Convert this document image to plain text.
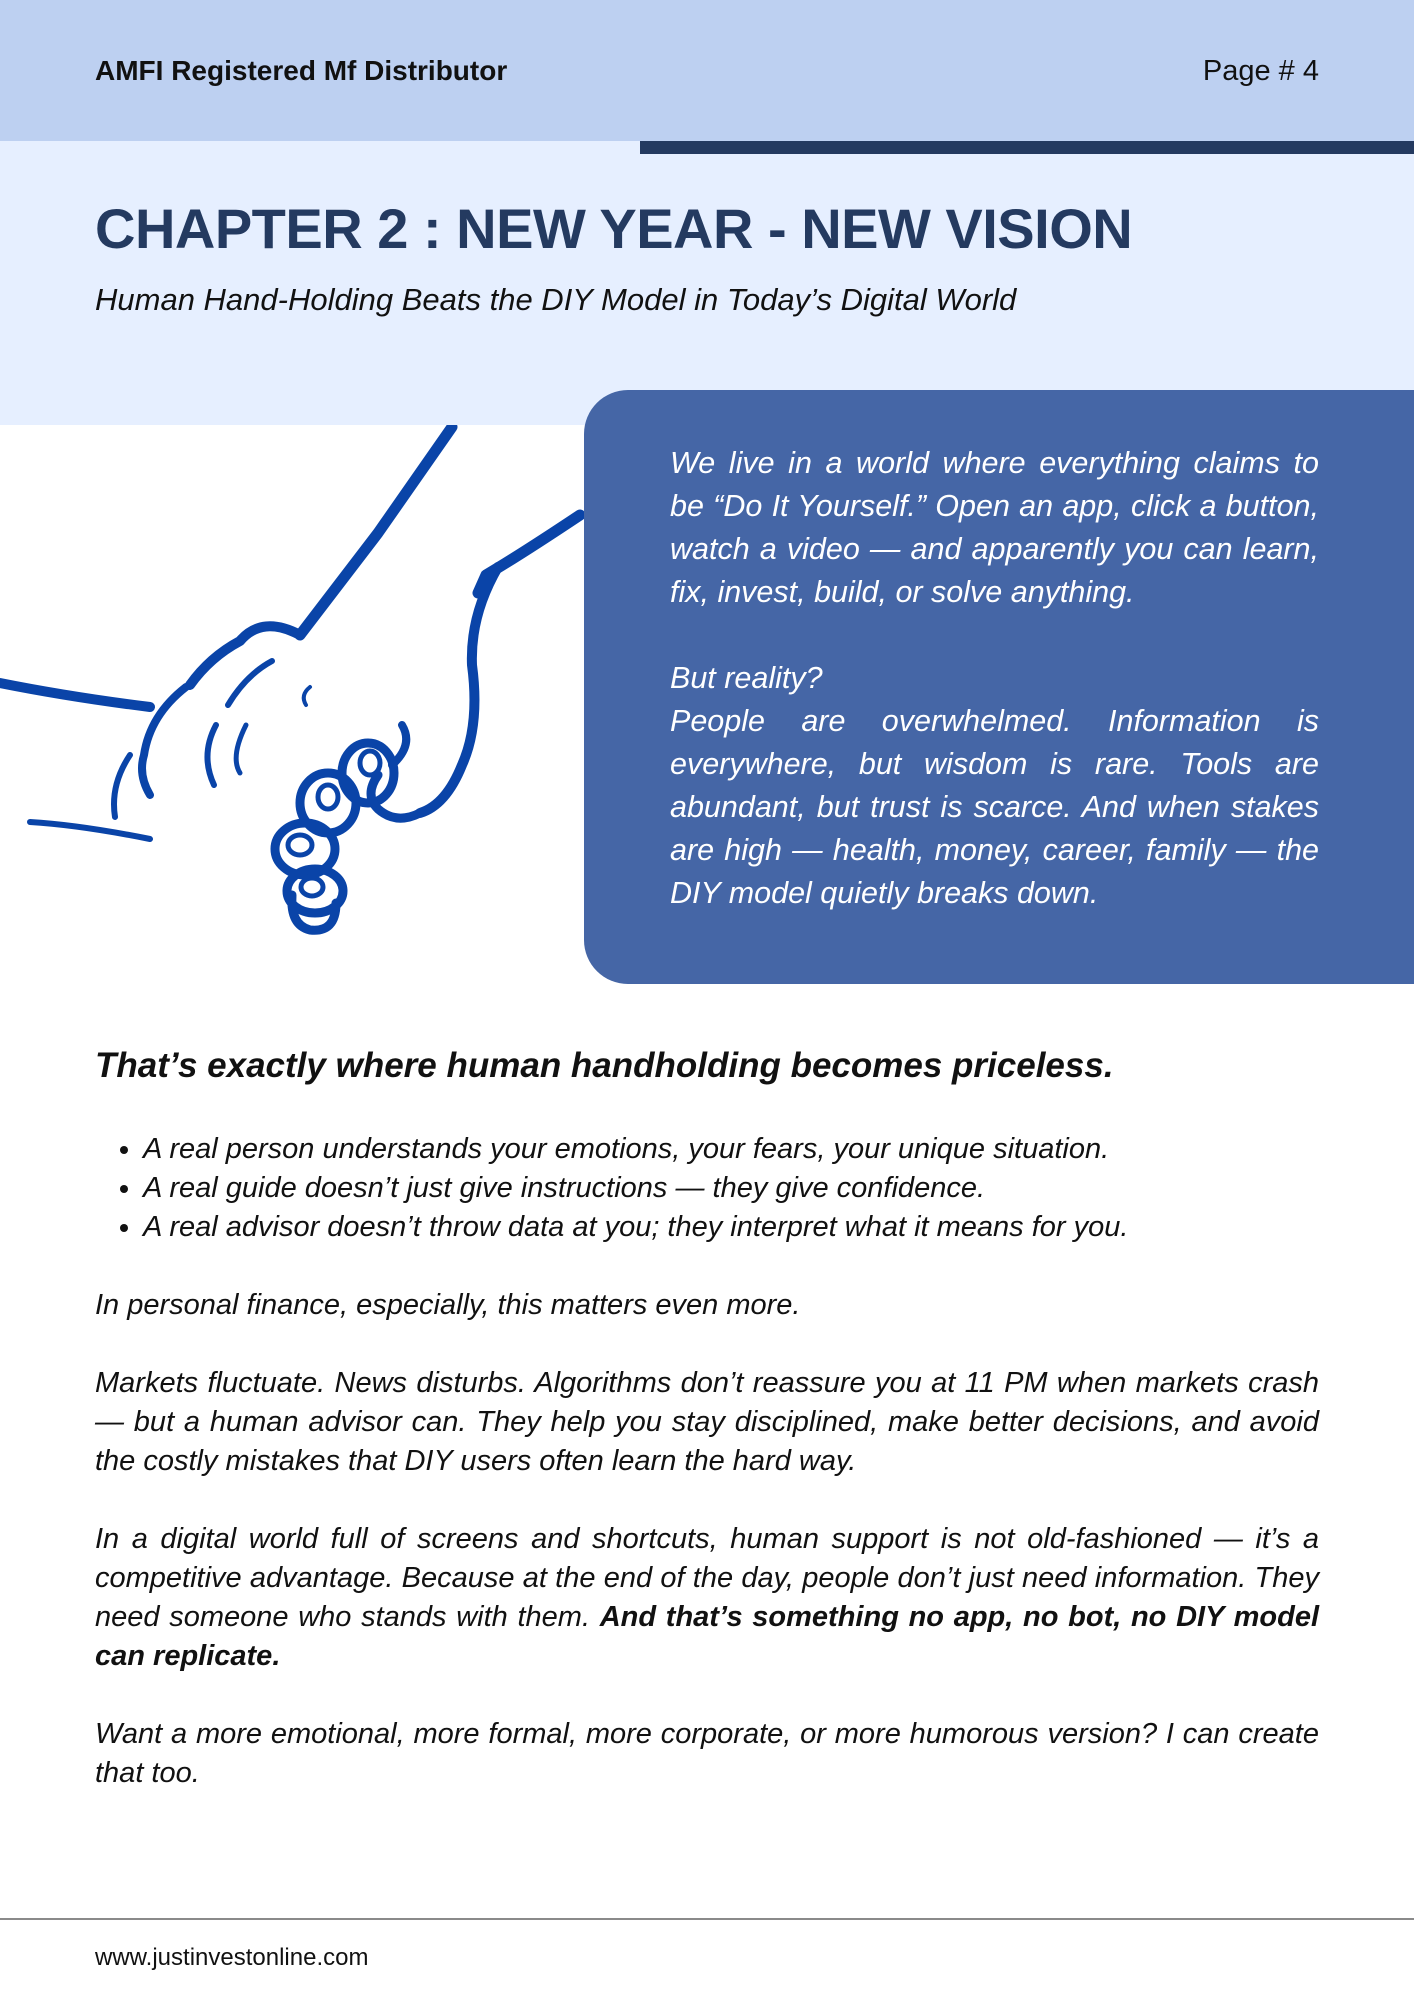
AMFI Registered Mf Distributor	Page # 4
CHAPTER 2 : NEW YEAR - NEW VISION
Human Hand-Holding Beats the DIY Model in Today’s Digital World

We live in a world where everything claims to be “Do It Yourself.” Open an app, click a button, watch a video — and apparently you can learn, fix, invest, build, or solve anything.

But reality?

People are overwhelmed. Information is everywhere, but wisdom is rare. Tools are abundant, but trust is scarce. And when stakes are high — health, money, career, family — the DIY model quietly breaks down.

That’s exactly where human handholding becomes priceless.
• A real person understands your emotions, your fears, your unique situation.
• A real guide doesn’t just give instructions — they give confidence.
• A real advisor doesn’t throw data at you; they interpret what it means for you.

In personal finance, especially, this matters even more.

Markets fluctuate. News disturbs. Algorithms don’t reassure you at 11 PM when markets crash — but a human advisor can. They help you stay disciplined, make better decisions, and avoid the costly mistakes that DIY users often learn the hard way.

In a digital world full of screens and shortcuts, human support is not old-fashioned — it’s a competitive advantage. Because at the end of the day, people don’t just need information. They need someone who stands with them. And that’s something no app, no bot, no DIY model can replicate.

Want a more emotional, more formal, more corporate, or more humorous version? I can create that too.

www.justinvestonline.com
